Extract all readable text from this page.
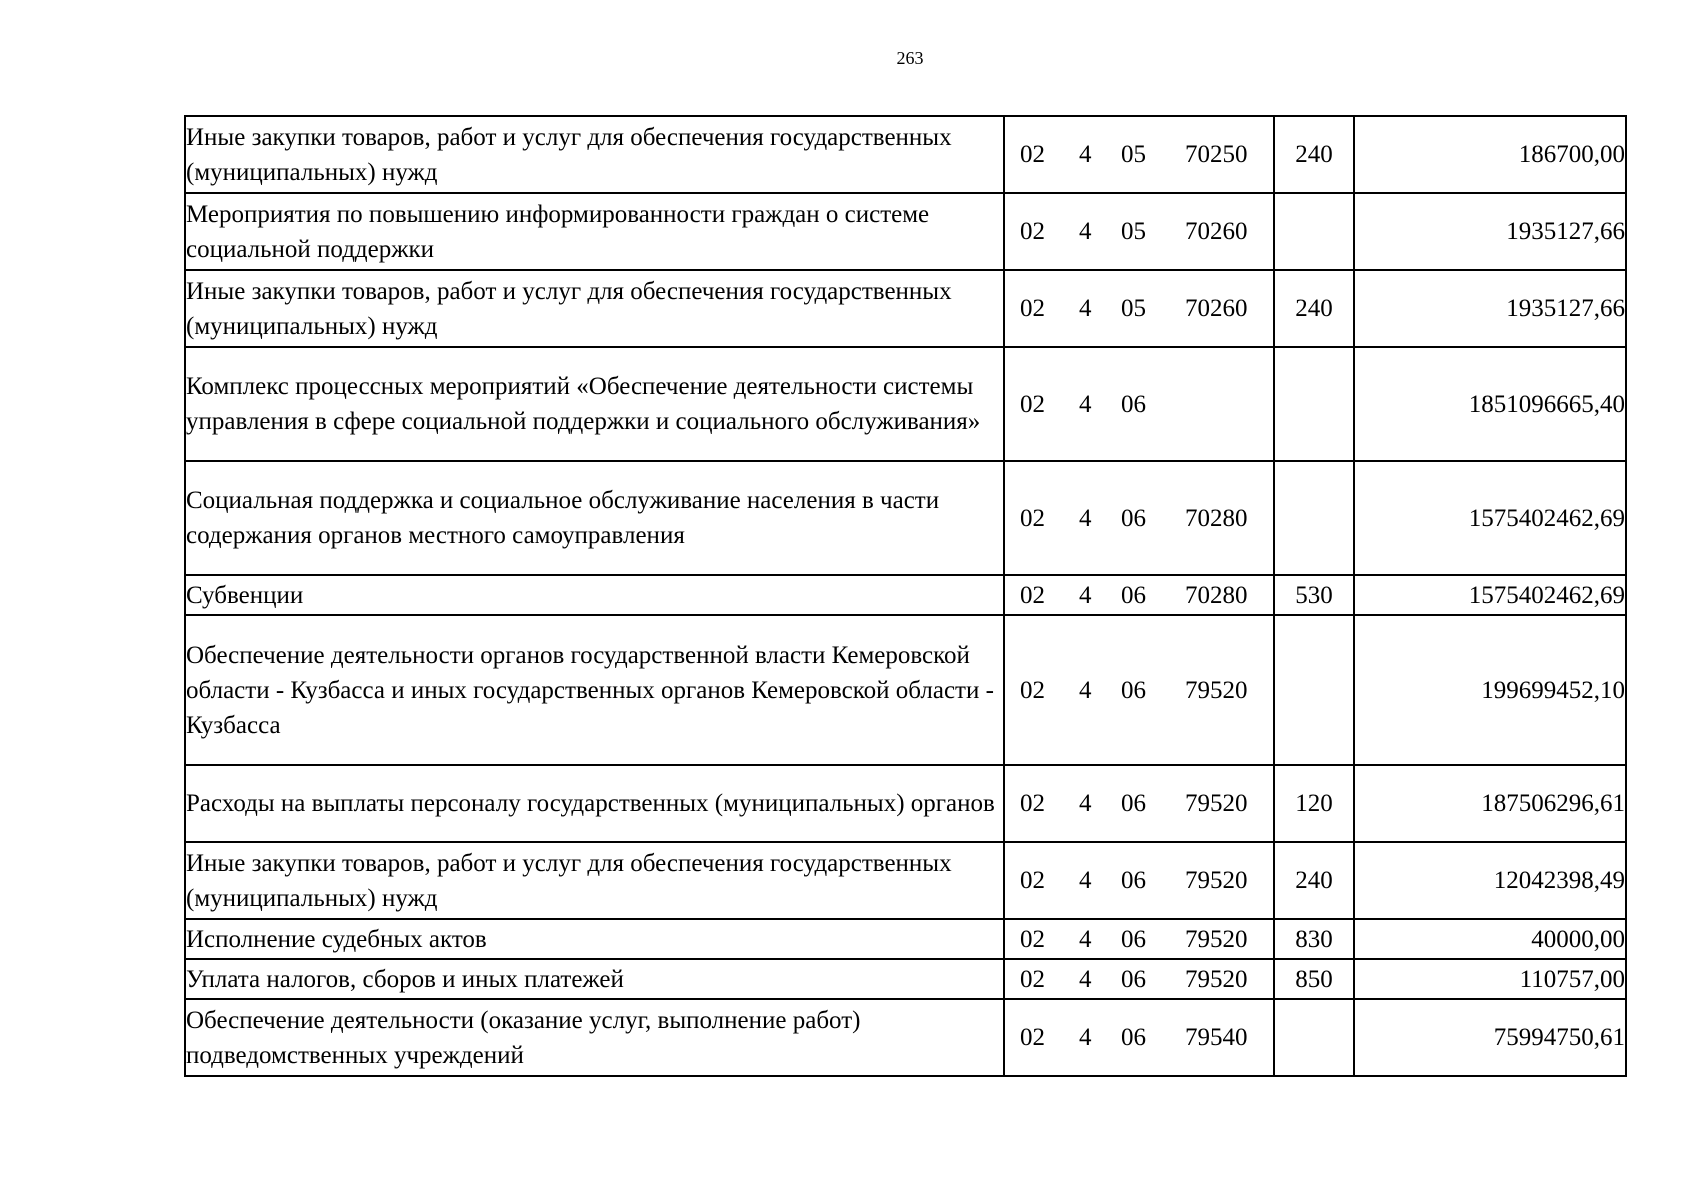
263
Иные закупки товаров, работ и услуг для обеспечения государственных (муниципальных) нужд	02 4 05 70250	240	186700,00
Мероприятия по повышению информированности граждан о системе социальной поддержки	02 4 05 70260		1935127,66
Иные закупки товаров, работ и услуг для обеспечения государственных (муниципальных) нужд	02 4 05 70260	240	1935127,66
Комплекс процессных мероприятий «Обеспечение деятельности системы управления в сфере социальной поддержки и социального обслуживания»	02 4 06		1851096665,40
Социальная поддержка и социальное обслуживание населения в части содержания органов местного самоуправления	02 4 06 70280		1575402462,69
Субвенции	02 4 06 70280	530	1575402462,69
Обеспечение деятельности органов государственной власти Кемеровской области - Кузбасса и иных государственных органов Кемеровской области - Кузбасса	02 4 06 79520		199699452,10
Расходы на выплаты персоналу государственных (муниципальных) органов	02 4 06 79520	120	187506296,61
Иные закупки товаров, работ и услуг для обеспечения государственных (муниципальных) нужд	02 4 06 79520	240	12042398,49
Исполнение судебных актов	02 4 06 79520	830	40000,00
Уплата налогов, сборов и иных платежей	02 4 06 79520	850	110757,00
Обеспечение деятельности (оказание услуг, выполнение работ) подведомственных учреждений	02 4 06 79540		75994750,61
